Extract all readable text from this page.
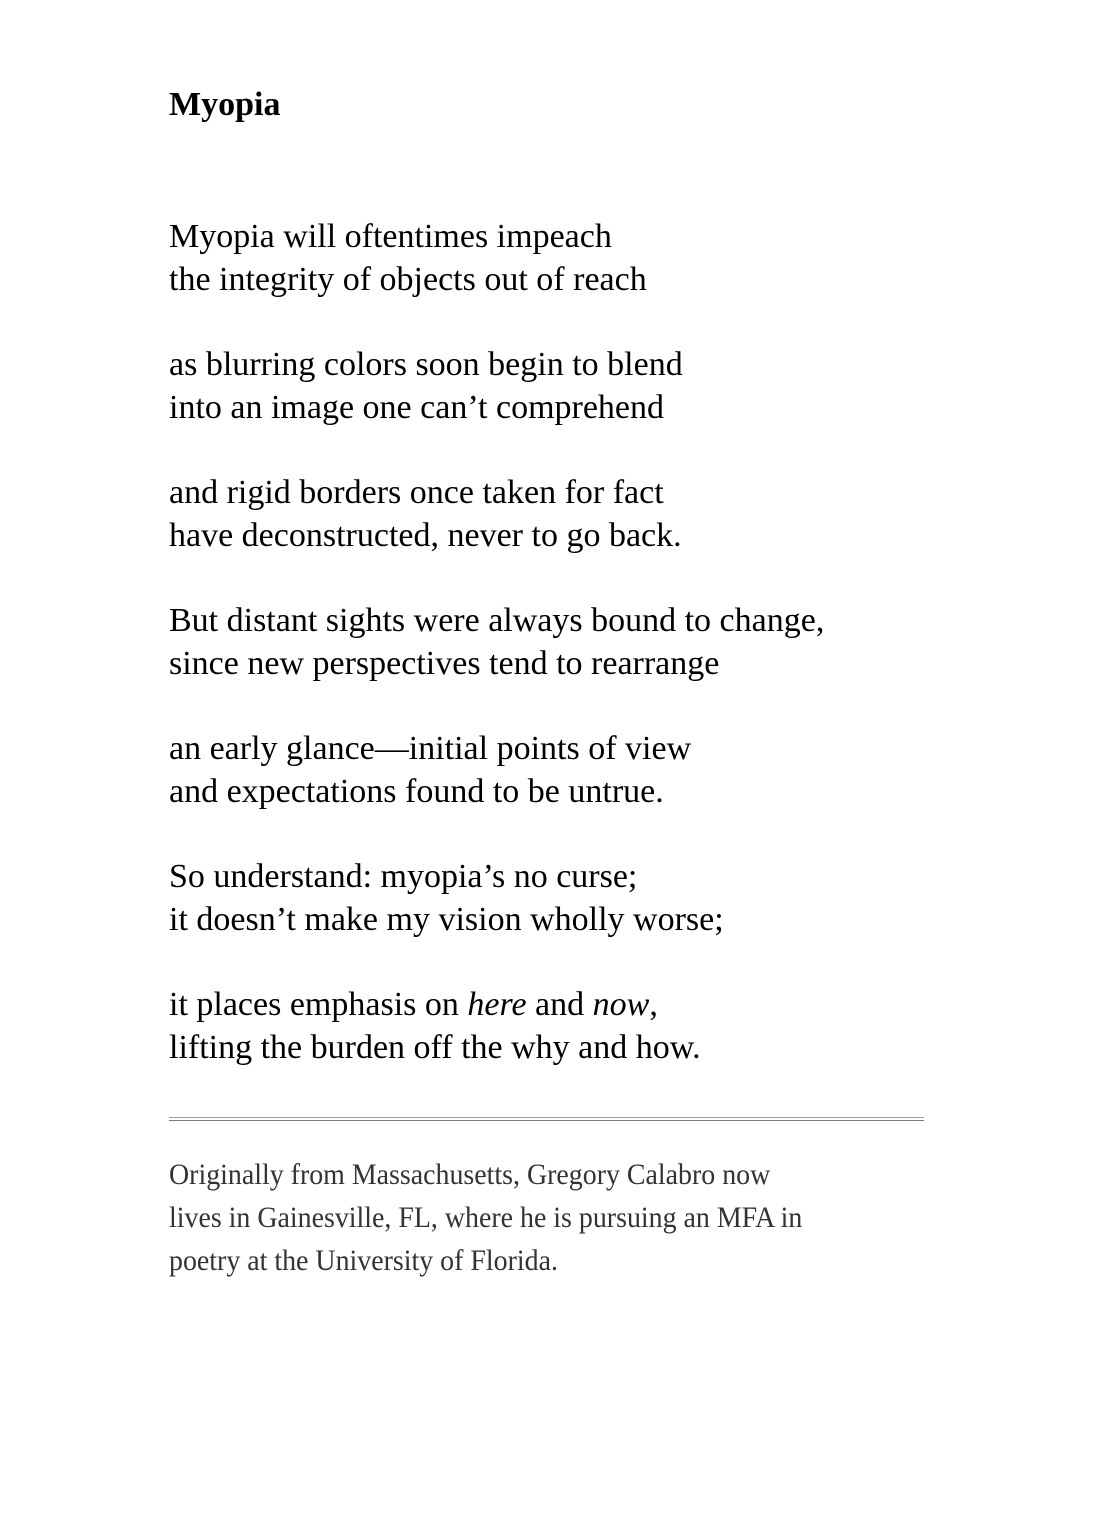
Myopia
Myopia will oftentimes impeach
the integrity of objects out of reach
as blurring colors soon begin to blend
into an image one can’t comprehend
and rigid borders once taken for fact
have deconstructed, never to go back.
But distant sights were always bound to change,
since new perspectives tend to rearrange
an early glance—initial points of view
and expectations found to be untrue.
So understand: myopia’s no curse;
it doesn’t make my vision wholly worse;
it places emphasis on here and now,
lifting the burden off the why and how.

Originally from Massachusetts, Gregory Calabro now
lives in Gainesville, FL, where he is pursuing an MFA in
poetry at the University of Florida.
